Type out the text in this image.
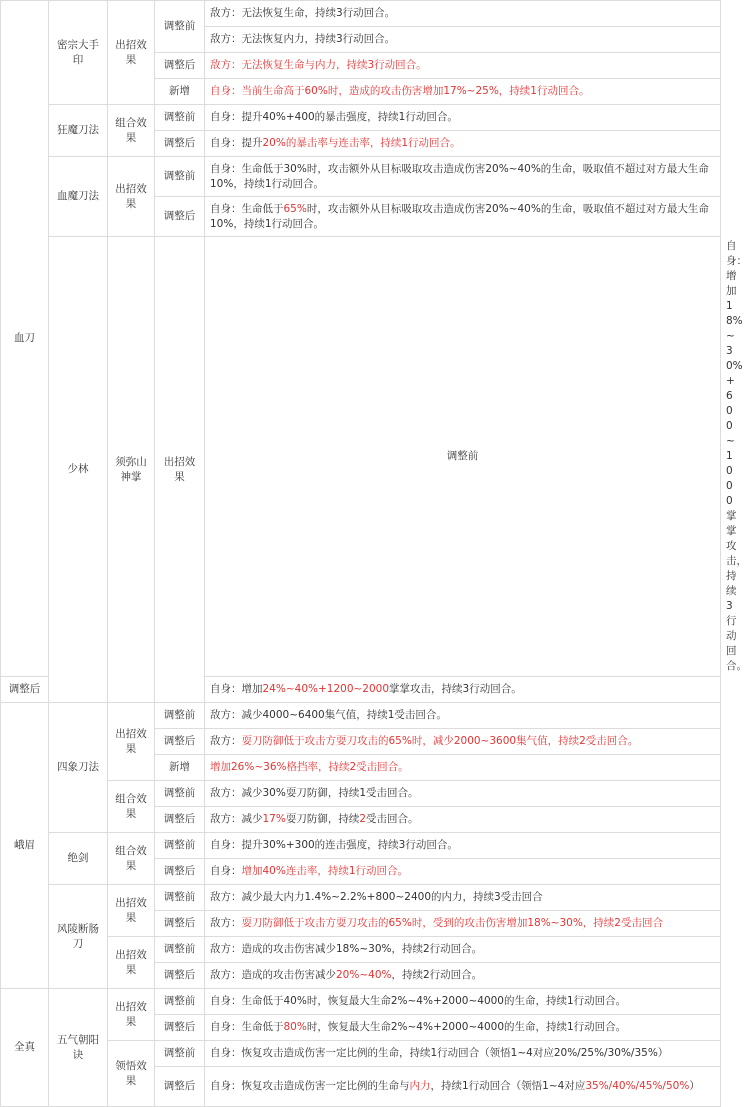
血刀	密宗大手印	出招效果	调整前	敌方：无法恢复生命，持续3行动回合。	
				敌方：无法恢复内力，持续3行动回合。	
			调整后	敌方：无法恢复生命与内力，持续3行动回合。	
			新增	自身：当前生命高于60%时，造成的攻击伤害增加17%~25%，持续1行动回合。	
	狂魔刀法	组合效果	调整前	自身：提升40%+400的暴击强度，持续1行动回合。	
			调整后	自身：提升20%的暴击率与连击率，持续1行动回合。	
	血魔刀法	出招效果	调整前	自身：生命低于30%时，攻击额外从目标吸取攻击造成伤害20%~40%的生命，吸取值不超过对方最大生命10%，持续1行动回合。	
			调整后	自身：生命低于65%时，攻击额外从目标吸取攻击造成伤害20%~40%的生命，吸取值不超过对方最大生命10%，持续1行动回合。	
	少林	须弥山神掌	出招效果	调整前	自身：增加18%~30%+600~1000掌掌攻击，持续3行动回合。
调整后				自身：增加24%~40%+1200~2000掌掌攻击，持续3行动回合。	
峨眉	四象刀法	出招效果	调整前	敌方：减少4000~6400集气值，持续1受击回合。	
			调整后	敌方：耍刀防御低于攻击方耍刀攻击的65%时，减少2000~3600集气值，持续2受击回合。	
			新增	增加26%~36%格挡率，持续2受击回合。	
		组合效果	调整前	敌方：减少30%耍刀防御，持续1受击回合。	
			调整后	敌方：减少17%耍刀防御，持续2受击回合。	
	绝剑	组合效果	调整前	自身：提升30%+300的连击强度，持续3行动回合。	
			调整后	自身：增加40%连击率，持续1行动回合。	
	风陵断肠刀	出招效果	调整前	敌方：减少最大内力1.4%~2.2%+800~2400的内力，持续3受击回合	
			调整后	敌方：耍刀防御低于攻击方耍刀攻击的65%时，受到的攻击伤害增加18%~30%，持续2受击回合	
		出招效果	调整前	敌方：造成的攻击伤害减少18%~30%，持续2行动回合。	
			调整后	敌方：造成的攻击伤害减少20%~40%，持续2行动回合。	
全真	五气朝阳诀	出招效果	调整前	自身：生命低于40%时，恢复最大生命2%~4%+2000~4000的生命，持续1行动回合。	
			调整后	自身：生命低于80%时，恢复最大生命2%~4%+2000~4000的生命，持续1行动回合。	
		领悟效果	调整前	自身：恢复攻击造成伤害一定比例的生命，持续1行动回合（领悟1~4对应20%/25%/30%/35%）	
			调整后	自身：恢复攻击造成伤害一定比例的生命与内力，持续1行动回合（领悟1~4对应35%/40%/45%/50%）	
